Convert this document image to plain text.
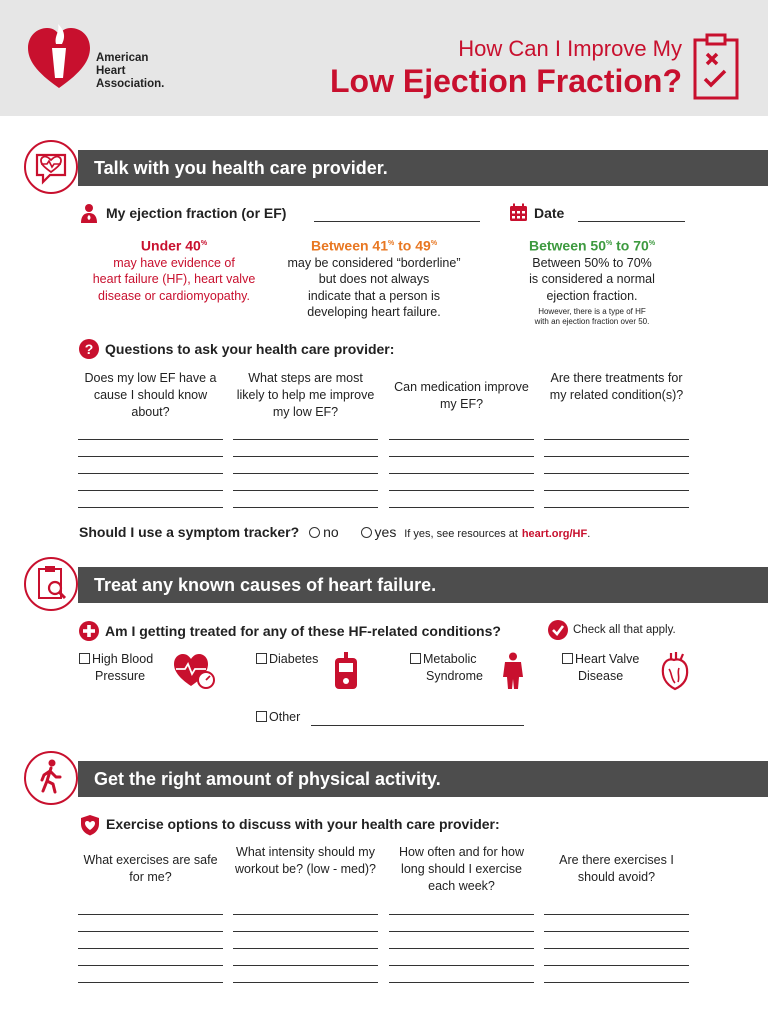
American
Heart
Association.
How Can I Improve My
Low Ejection Fraction?
Talk with you health care provider.
My ejection fraction (or EF)	Date
Under 40%
may have evidence of
heart failure (HF), heart valve
disease or cardiomyopathy.
Between 41% to 49%
may be considered “borderline”
but does not always
indicate that a person is
developing heart failure.
Between 50% to 70%
Between 50% to 70%
is considered a normal
ejection fraction.
However, there is a type of HF
with an ejection fraction over 50.
? Questions to ask your health care provider:
Does my low EF have a cause I should know about?
What steps are most likely to help me improve my low EF?
Can medication improve my EF?
Are there treatments for my related condition(s)?
Should I use a symptom tracker? no	yes If yes, see resources at heart.org/HF.
Treat any known causes of heart failure.
Am I getting treated for any of these HF-related conditions?	Check all that apply.
High Blood
Pressure
Diabetes	Metabolic
Syndrome
Heart Valve
Disease
Other
Get the right amount of physical activity.
Exercise options to discuss with your health care provider:
What exercises are safe for me?
What intensity should my workout be? (low - med)?
How often and for how long should I exercise each week?
Are there exercises I should avoid?
